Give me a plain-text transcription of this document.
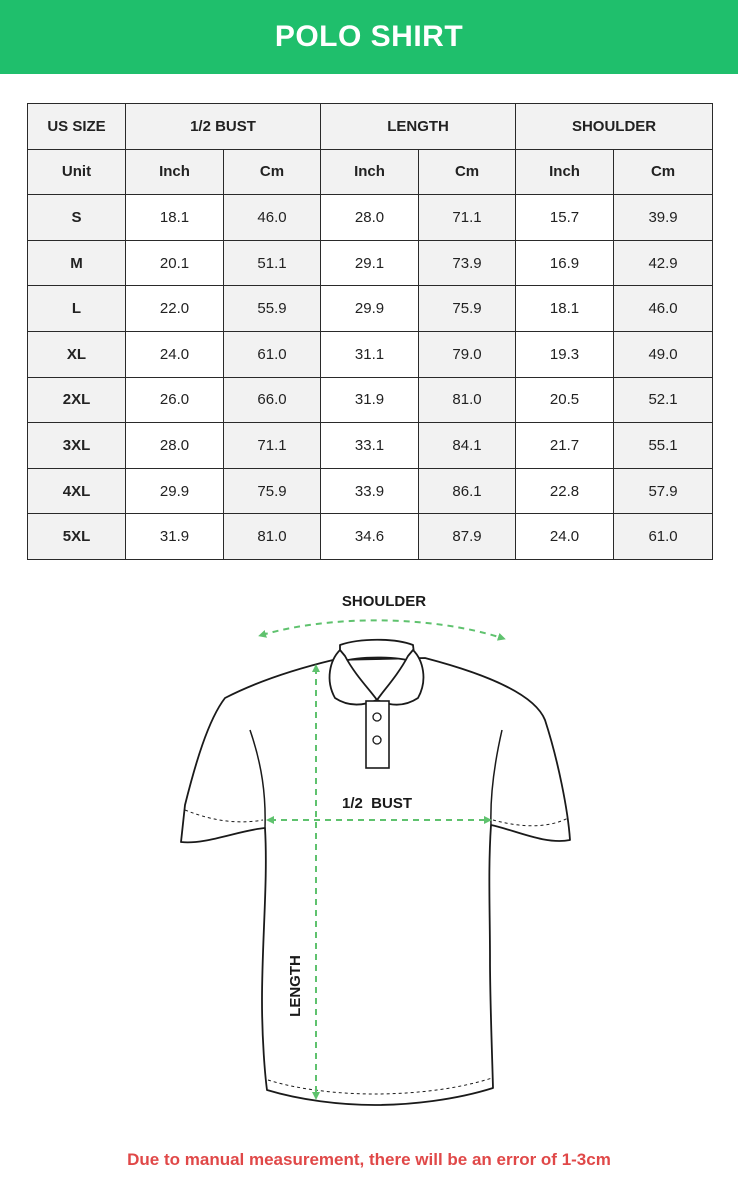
POLO SHIRT
US SIZE	1/2 BUST		LENGTH		SHOULDER	
Unit	Inch	Cm	Inch	Cm	Inch	Cm
S	18.1	46.0	28.0	71.1	15.7	39.9
M	20.1	51.1	29.1	73.9	16.9	42.9
L	22.0	55.9	29.9	75.9	18.1	46.0
XL	24.0	61.0	31.1	79.0	19.3	49.0
2XL	26.0	66.0	31.9	81.0	20.5	52.1
3XL	28.0	71.1	33.1	84.1	21.7	55.1
4XL	29.9	75.9	33.9	86.1	22.8	57.9
5XL	31.9	81.0	34.6	87.9	24.0	61.0
SHOULDER
1/2  BUST
LENGTH
Due to manual measurement, there will be an error of 1-3cm
